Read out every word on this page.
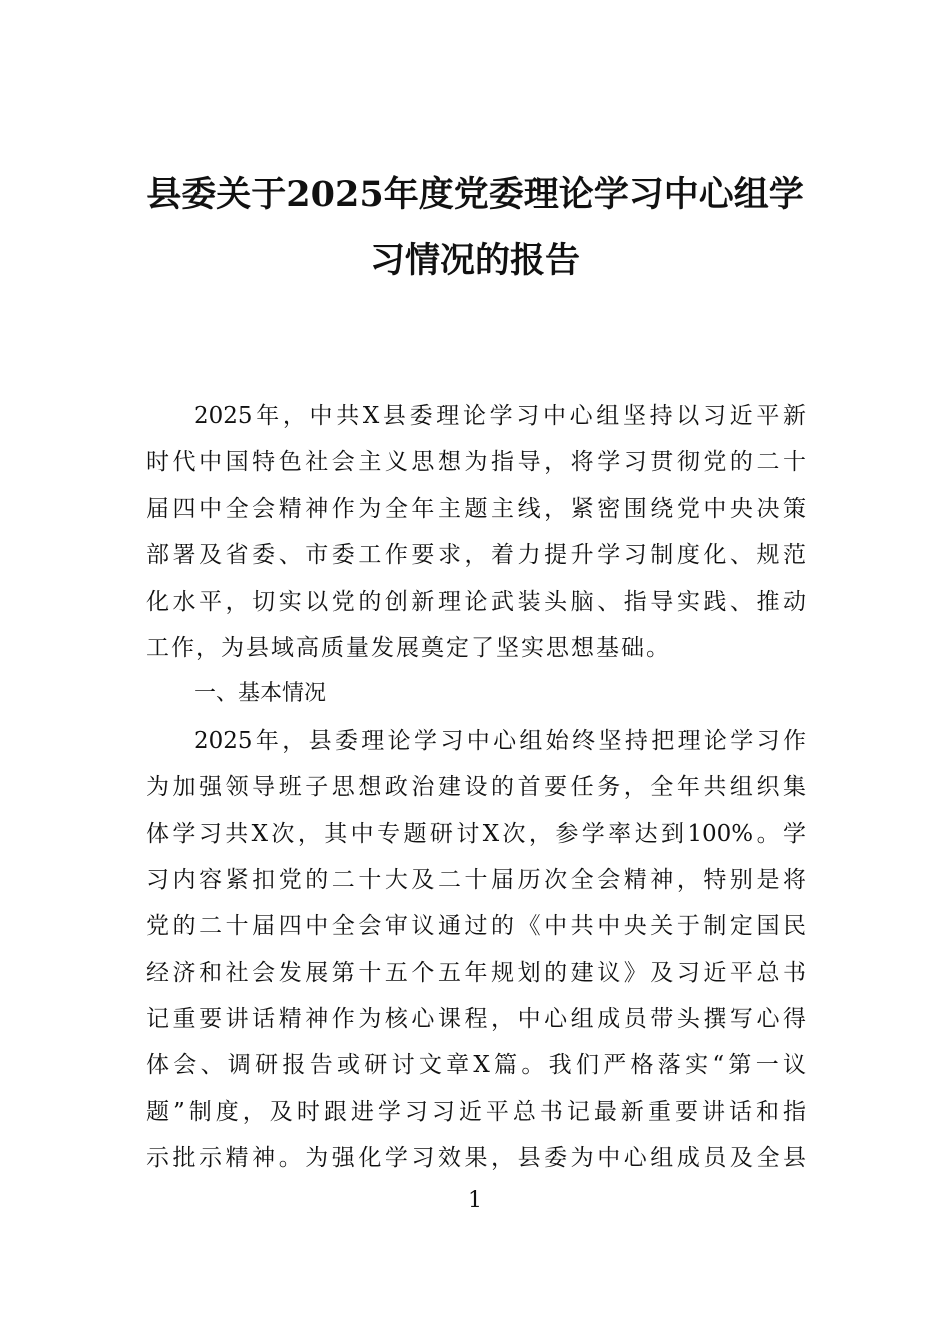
县委关于2025年度党委理论学习中心组学
习情况的报告
2025年，中共X县委理论学习中心组坚持以习近平新
时代中国特色社会主义思想为指导，将学习贯彻党的二十
届四中全会精神作为全年主题主线，紧密围绕党中央决策
部署及省委、市委工作要求，着力提升学习制度化、规范
化水平，切实以党的创新理论武装头脑、指导实践、推动
工作，为县域高质量发展奠定了坚实思想基础。
一、基本情况
2025年，县委理论学习中心组始终坚持把理论学习作
为加强领导班子思想政治建设的首要任务，全年共组织集
体学习共X次，其中专题研讨X次，参学率达到100%。学
习内容紧扣党的二十大及二十届历次全会精神，特别是将
党的二十届四中全会审议通过的《中共中央关于制定国民
经济和社会发展第十五个五年规划的建议》及习近平总书
记重要讲话精神作为核心课程，中心组成员带头撰写心得
体会、调研报告或研讨文章X篇。我们严格落实“第一议
题”制度，及时跟进学习习近平总书记最新重要讲话和指
示批示精神。为强化学习效果，县委为中心组成员及全县
1
